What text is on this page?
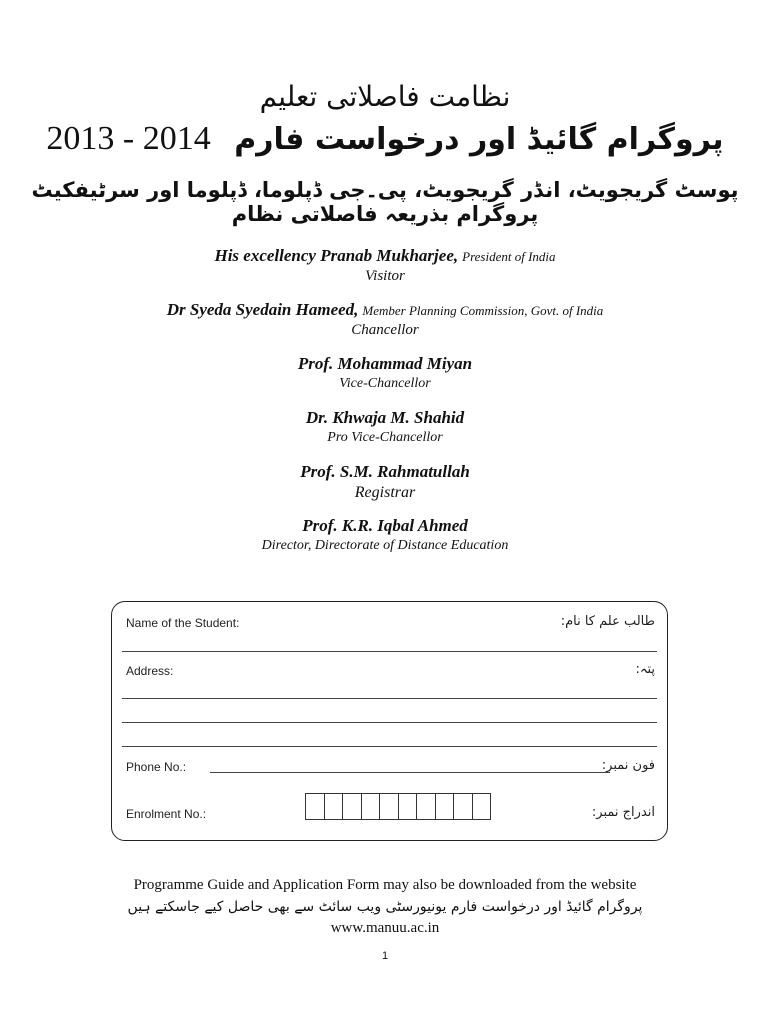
نظامت فاصلاتی تعلیم
2013 - 2014 پروگرام گائیڈ اور درخواست فارم
پوسٹ گریجویٹ، انڈر گریجویٹ، پی۔جی ڈپلوما، ڈپلوما اور سرٹیفکیٹ پروگرام بذریعہ فاصلاتی نظام
His excellency Pranab Mukharjee, President of India
Visitor
Dr Syeda Syedain Hameed, Member Planning Commission, Govt. of India
Chancellor
Prof. Mohammad Miyan
Vice-Chancellor
Dr. Khwaja M. Shahid
Pro Vice-Chancellor
Prof. S.M. Rahmatullah
Registrar
Prof. K.R. Iqbal Ahmed
Director, Directorate of Distance Education
Name of the Student:	طالب علم کا نام:
Address:	پتہ:
Phone No.:	فون نمبر:
Enrolment No.:	اندراج نمبر:
Programme Guide and Application Form may also be downloaded from the website
پروگرام گائیڈ اور درخواست فارم یونیورسٹی ویب سائٹ سے بھی حاصل کیے جاسکتے ہیں
www.manuu.ac.in
1
